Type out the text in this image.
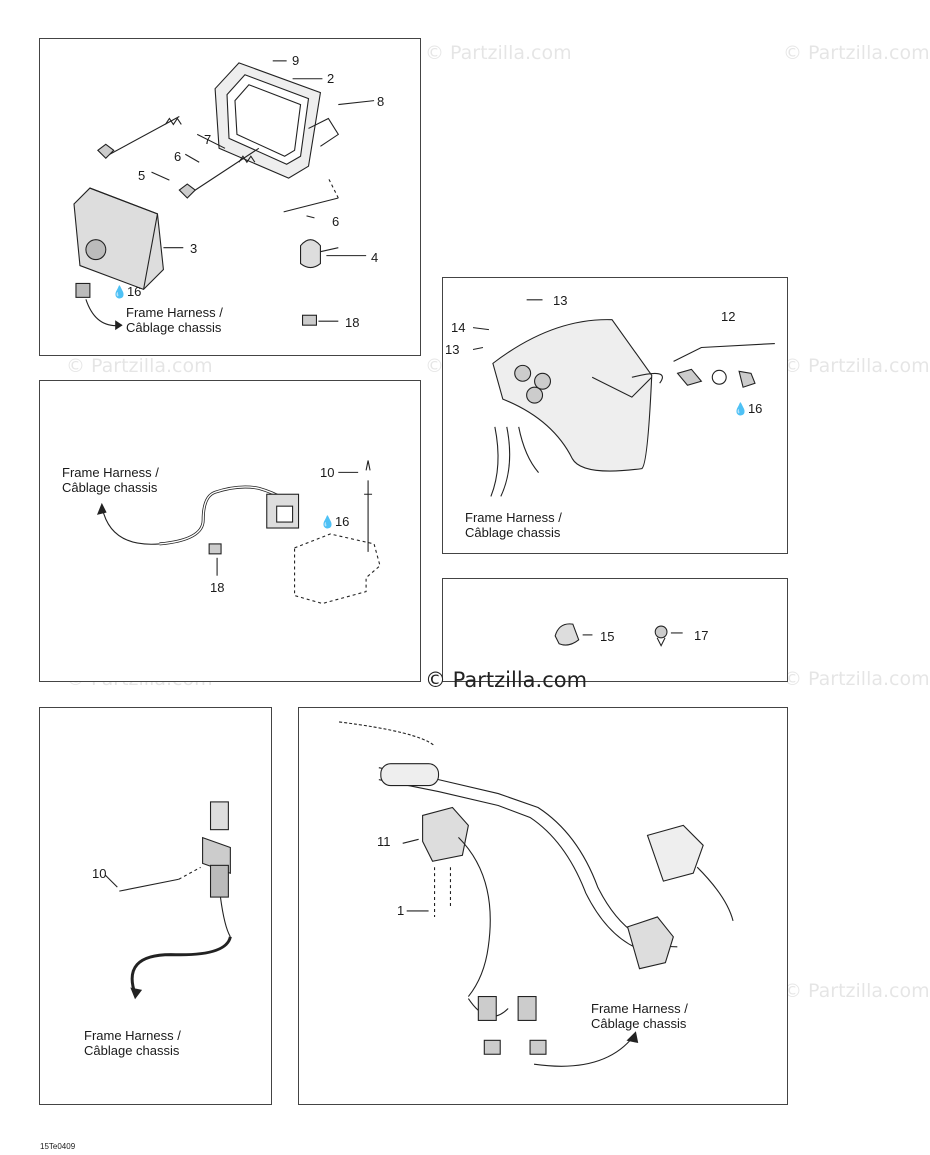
© Partzilla.com	© Partzilla.com
© Partzilla.com	©	© Partzilla.com
© Partzilla.com
© Partzilla.com
9
2
8
7
6
5
3
6
4
💧16
18
Frame Harness /
Câblage chassis
10
💧16
18
Frame Harness /
Câblage chassis
13
14
13
12
💧16
Frame Harness /
Câblage chassis
15	17
© Partzilla.com
10
Frame Harness /
Câblage chassis
11
1
Frame Harness /
Câblage chassis
15Te0409
